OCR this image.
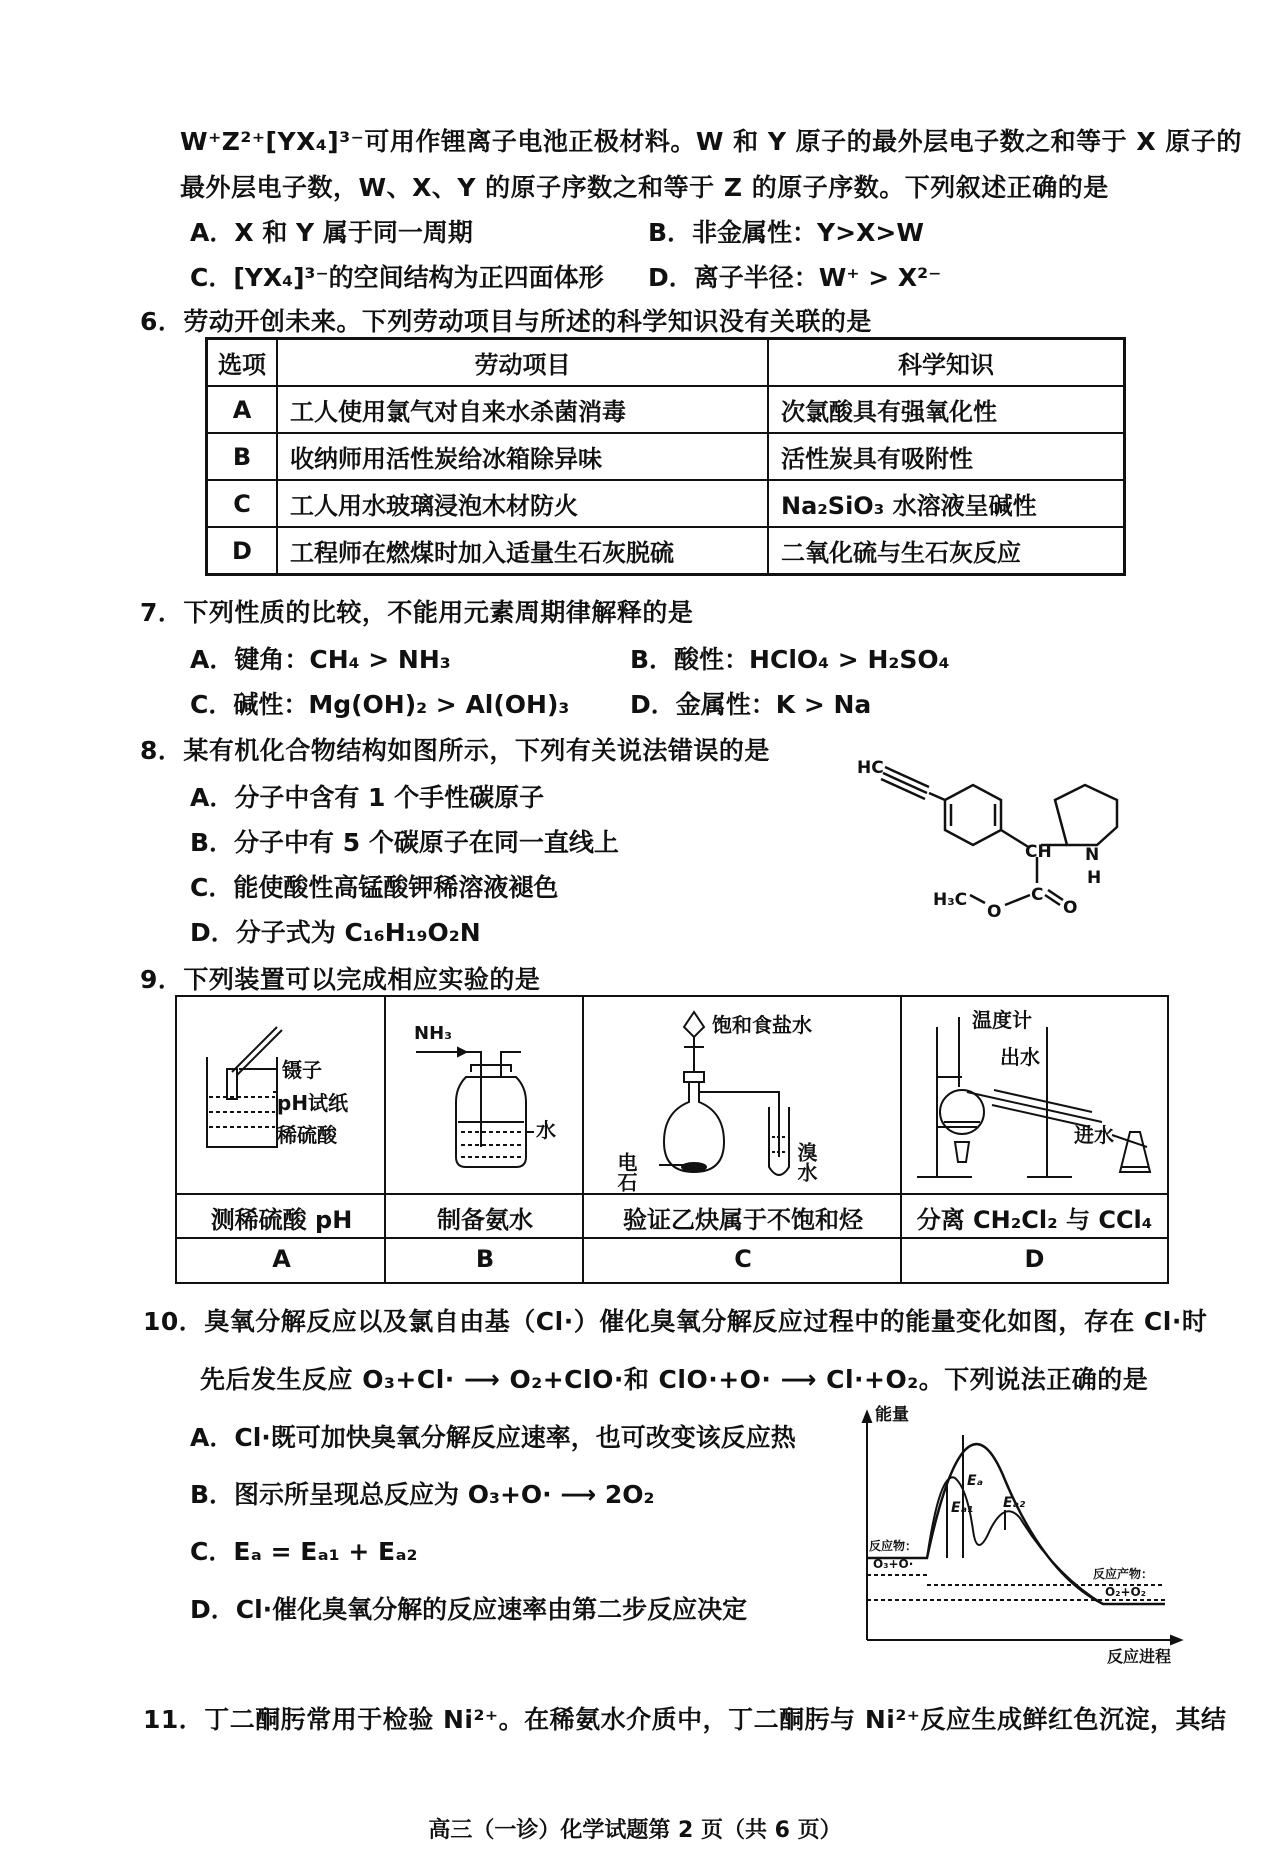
W⁺Z²⁺[YX₄]³⁻可用作锂离子电池正极材料。W 和 Y 原子的最外层电子数之和等于 X 原子的
最外层电子数，W、X、Y 的原子序数之和等于 Z 的原子序数。下列叙述正确的是
A．X 和 Y 属于同一周期	B．非金属性：Y>X>W
C．[YX₄]³⁻的空间结构为正四面体形 D．离子半径：W⁺ > X²⁻
6．劳动开创未来。下列劳动项目与所述的科学知识没有关联的是
选项	劳动项目	科学知识
A	工人使用氯气对自来水杀菌消毒	次氯酸具有强氧化性
B	收纳师用活性炭给冰箱除异味	活性炭具有吸附性
C	工人用水玻璃浸泡木材防火	Na₂SiO₃ 水溶液呈碱性
D	工程师在燃煤时加入适量生石灰脱硫	二氧化硫与生石灰反应
7．下列性质的比较，不能用元素周期律解释的是
A．键角：CH₄ > NH₃	B．酸性：HClO₄ > H₂SO₄
C．碱性：Mg(OH)₂ > Al(OH)₃ D．金属性：K > Na
8．某有机化合物结构如图所示，下列有关说法错误的是
A．分子中含有 1 个手性碳原子
B．分子中有 5 个碳原子在同一直线上
C．能使酸性高锰酸钾稀溶液褪色
D．分子式为 C₁₆H₁₉O₂N
HC
CH N
H
H₃C
O
C
O
9．下列装置可以完成相应实验的是
镊子
pH试纸
稀硫酸
NH₃
水
饱和食盐水
电石	溴水
温度计
出水
进水
测稀硫酸 pH	制备氨水	验证乙炔属于不饱和烃	分离 CH₂Cl₂ 与 CCl₄
A	B	C	D
10．臭氧分解反应以及氯自由基（Cl·）催化臭氧分解反应过程中的能量变化如图，存在 Cl·时
先后发生反应 O₃+Cl· ⟶ O₂+ClO·和 ClO·+O· ⟶ Cl·+O₂。下列说法正确的是
A．Cl·既可加快臭氧分解反应速率，也可改变该反应热
B．图示所呈现总反应为 O₃+O· ⟶ 2O₂
C．Eₐ = Eₐ₁ + Eₐ₂
D．Cl·催化臭氧分解的反应速率由第二步反应决定
能量
反应进程
反应物：
O₃+O·
反应产物：
O₂+O₂
Eₐ
Eₐ₁ Eₐ₂
11．丁二酮肟常用于检验 Ni²⁺。在稀氨水介质中，丁二酮肟与 Ni²⁺反应生成鲜红色沉淀，其结
高三（一诊）化学试题第 2 页（共 6 页）
